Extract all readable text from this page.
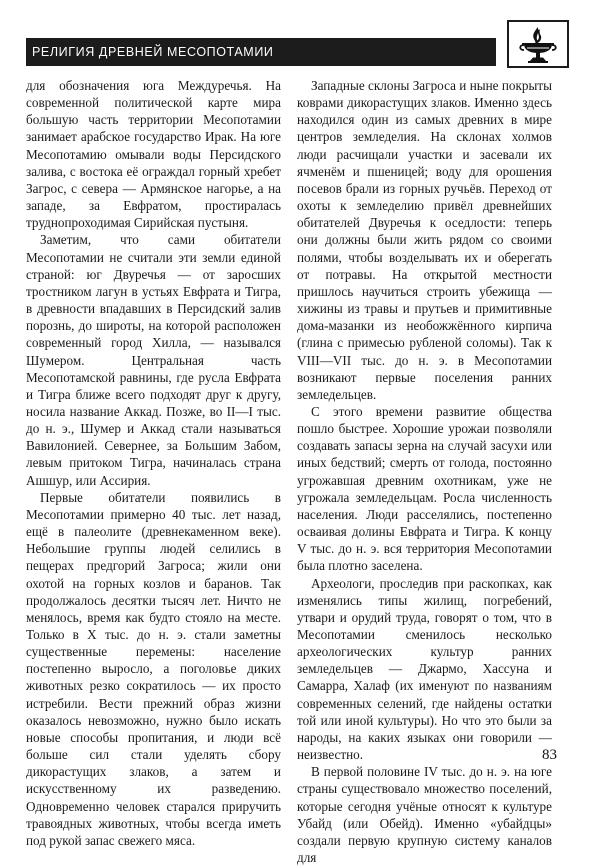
РЕЛИГИЯ ДРЕВНЕЙ МЕСОПОТАМИИ

для обозначения юга Междуречья. На современной политической карте мира большую часть территории Месопотамии занимает арабское государство Ирак. На юге Месопотамию омывали воды Персидского залива, с востока её ограждал горный хребет Загрос, с севера — Армянское нагорье, а на западе, за Евфратом, простиралась труднопроходимая Сирийская пустыня.

Заметим, что сами обитатели Месопотамии не считали эти земли единой страной: юг Двуречья — от заросших тростником лагун в устьях Евфрата и Тигра, в древности впадавших в Персидский залив порознь, до широты, на которой расположен современный город Хилла, — назывался Шумером. Центральная часть Месопотамской равнины, где русла Евфрата и Тигра ближе всего подходят друг к другу, носила название Аккад. Позже, во II—I тыс. до н. э., Шумер и Аккад стали называться Вавилонией. Севернее, за Большим Забом, левым притоком Тигра, начиналась страна Ашшур, или Ассирия.

Первые обитатели появились в Месопотамии примерно 40 тыс. лет назад, ещё в палеолите (древнекаменном веке). Небольшие группы людей селились в пещерах предгорий Загроса; жили они охотой на горных козлов и баранов. Так продолжалось десятки тысяч лет. Ничто не менялось, время как будто стояло на месте. Только в X тыс. до н. э. стали заметны существенные перемены: население постепенно выросло, а поголовье диких животных резко сократилось — их просто истребили. Вести прежний образ жизни оказалось невозможно, нужно было искать новые способы пропитания, и люди всё больше сил стали уделять сбору дикорастущих злаков, а затем и искусственному их разведению. Одновременно человек старался приручить травоядных животных, чтобы всегда иметь под рукой запас свежего мяса.

Западные склоны Загроса и ныне покрыты коврами дикорастущих злаков. Именно здесь находился один из самых древних в мире центров земледелия. На склонах холмов люди расчищали участки и засевали их ячменём и пшеницей; воду для орошения посевов брали из горных ручьёв. Переход от охоты к земледелию привёл древнейших обитателей Двуречья к оседлости: теперь они должны были жить рядом со своими полями, чтобы возделывать их и оберегать от потравы. На открытой местности пришлось научиться строить убежища — хижины из травы и прутьев и примитивные дома-мазанки из необожжённого кирпича (глина с примесью рубленой соломы). Так к VIII—VII тыс. до н. э. в Месопотамии возникают первые поселения ранних земледельцев.

С этого времени развитие общества пошло быстрее. Хорошие урожаи позволяли создавать запасы зерна на случай засухи или иных бедствий; смерть от голода, постоянно угрожавшая древним охотникам, уже не угрожала земледельцам. Росла численность населения. Люди расселялись, постепенно осваивая долины Евфрата и Тигра. К концу V тыс. до н. э. вся территория Месопотамии была плотно заселена.

Археологи, проследив при раскопках, как изменялись типы жилищ, погребений, утвари и орудий труда, говорят о том, что в Месопотамии сменилось несколько археологических культур ранних земледельцев — Джармо, Хассуна и Самарра, Халаф (их именуют по названиям современных селений, где найдены остатки той или иной культуры). Но что это были за народы, на каких языках они говорили — неизвестно.

В первой половине IV тыс. до н. э. на юге страны существовало множество поселений, которые сегодня учёные относят к культуре Убайд (или Обейд). Именно «убайдцы» создали первую крупную систему каналов для

83
